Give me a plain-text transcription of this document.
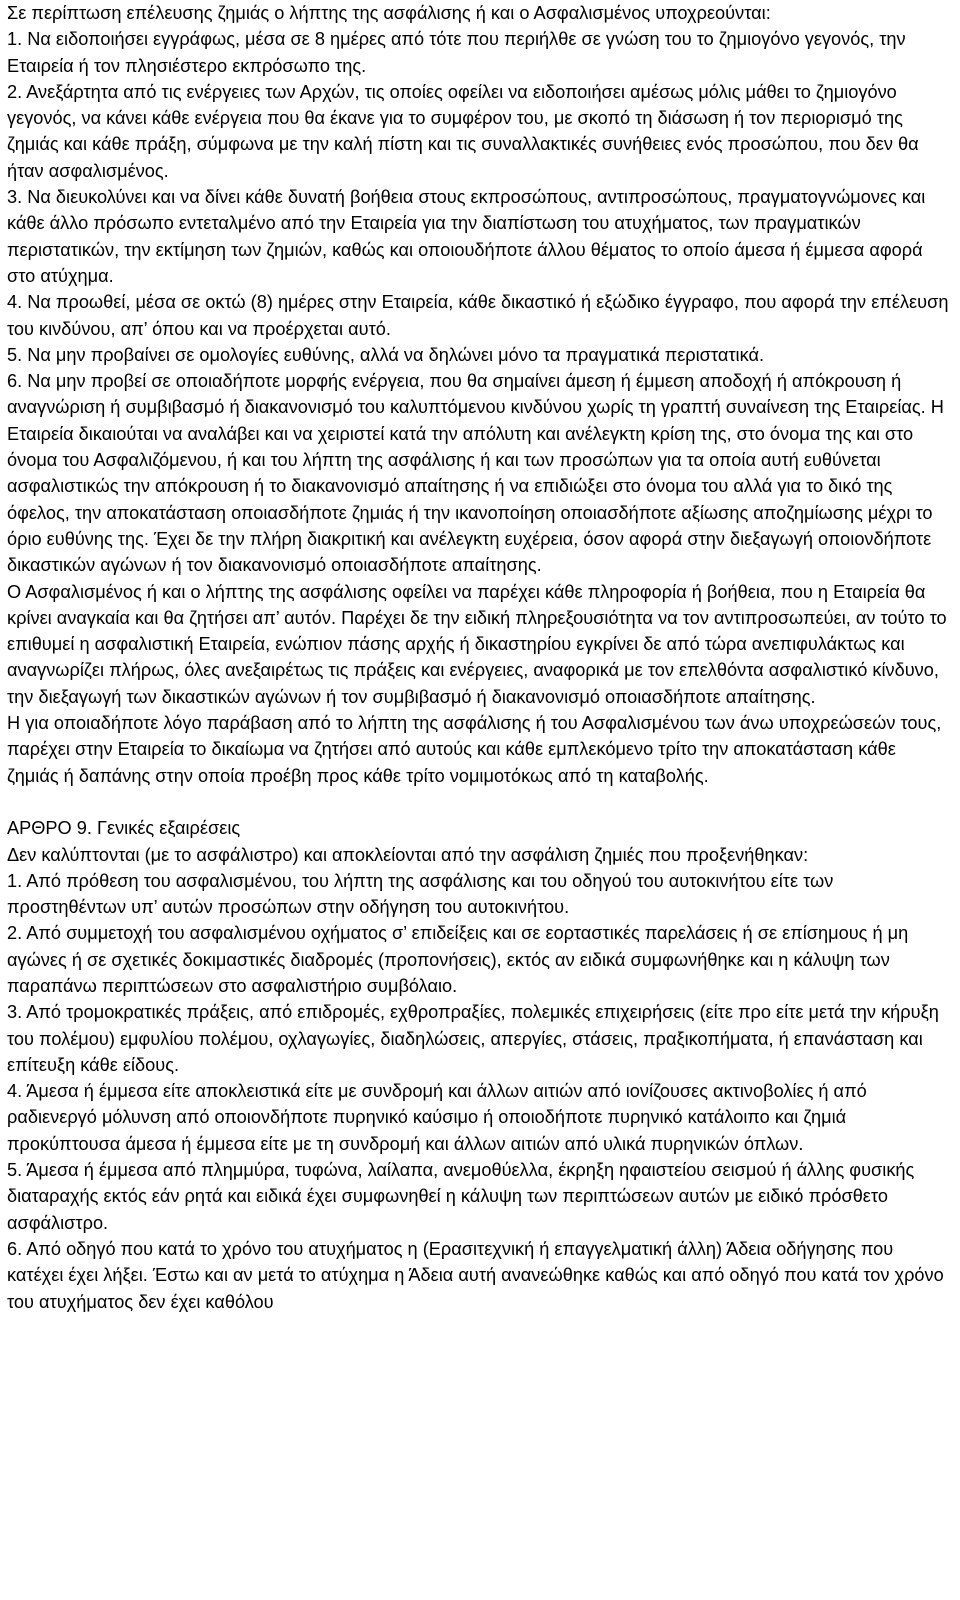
Σε περίπτωση επέλευσης ζημιάς ο λήπτης της ασφάλισης ή και ο Ασφαλισμένος υποχρεούνται:

1. Να ειδοποιήσει εγγράφως, μέσα σε 8 ημέρες από τότε που περιήλθε σε γνώση του το ζημιογόνο γεγονός, την Εταιρεία ή τον πλησιέστερο εκπρόσωπο της.

2. Ανεξάρτητα από τις ενέργειες των Αρχών, τις οποίες οφείλει να ειδοποιήσει αμέσως μόλις μάθει το ζημιογόνο γεγονός, να κάνει κάθε ενέργεια που θα έκανε για το συμφέρον του, με σκοπό τη διάσωση ή τον περιορισμό της ζημιάς και κάθε πράξη, σύμφωνα με την καλή πίστη και τις συναλλακτικές συνήθειες ενός προσώπου, που δεν θα ήταν ασφαλισμένος.

3. Να διευκολύνει και να δίνει κάθε δυνατή βοήθεια στους εκπροσώπους, αντιπροσώπους, πραγματογνώμονες και κάθε άλλο πρόσωπο εντεταλμένο από την Εταιρεία για την διαπίστωση του ατυχήματος, των πραγματικών περιστατικών, την εκτίμηση των ζημιών, καθώς και οποιουδήποτε άλλου θέματος το οποίο άμεσα ή έμμεσα αφορά στο ατύχημα.

4. Να προωθεί, μέσα σε οκτώ (8) ημέρες στην Εταιρεία, κάθε δικαστικό ή εξώδικο έγγραφο, που αφορά την επέλευση του κινδύνου, απ’ όπου και να προέρχεται αυτό.

5. Να μην προβαίνει σε ομολογίες ευθύνης, αλλά να δηλώνει μόνο τα πραγματικά περιστατικά.

6. Να μην προβεί σε οποιαδήποτε μορφής ενέργεια, που θα σημαίνει άμεση ή έμμεση αποδοχή ή απόκρουση ή αναγνώριση ή συμβιβασμό ή διακανονισμό του καλυπτόμενου κινδύνου χωρίς τη γραπτή συναίνεση της Εταιρείας. Η Εταιρεία δικαιούται να αναλάβει και να χειριστεί κατά την απόλυτη και ανέλεγκτη κρίση της, στο όνομα της και στο όνομα του Ασφαλιζόμενου, ή και του λήπτη της ασφάλισης ή και των προσώπων για τα οποία αυτή ευθύνεται ασφαλιστικώς την απόκρουση ή το διακανονισμό απαίτησης ή να επιδιώξει στο όνομα του αλλά για το δικό της όφελος, την αποκατάσταση οποιασδήποτε ζημιάς ή την ικανοποίηση οποιασδήποτε αξίωσης αποζημίωσης μέχρι το όριο ευθύνης της. Έχει δε την πλήρη διακριτική και ανέλεγκτη ευχέρεια, όσον αφορά στην διεξαγωγή οποιονδήποτε δικαστικών αγώνων ή τον διακανονισμό οποιασδήποτε απαίτησης.

Ο Ασφαλισμένος ή και ο λήπτης της ασφάλισης οφείλει να παρέχει κάθε πληροφορία ή βοήθεια, που η Εταιρεία θα κρίνει αναγκαία και θα ζητήσει απ’ αυτόν. Παρέχει δε την ειδική πληρεξουσιότητα να τον αντιπροσωπεύει, αν τούτο το επιθυμεί η ασφαλιστική Εταιρεία, ενώπιον πάσης αρχής ή δικαστηρίου εγκρίνει δε από τώρα ανεπιφυλάκτως και αναγνωρίζει πλήρως, όλες ανεξαιρέτως τις πράξεις και ενέργειες, αναφορικά με τον επελθόντα ασφαλιστικό κίνδυνο, την διεξαγωγή των δικαστικών αγώνων ή τον συμβιβασμό ή διακανονισμό οποιασδήποτε απαίτησης.

Η για οποιαδήποτε λόγο παράβαση από το λήπτη της ασφάλισης ή του Ασφαλισμένου των άνω υποχρεώσεών τους, παρέχει στην Εταιρεία το δικαίωμα να ζητήσει από αυτούς και κάθε εμπλεκόμενο τρίτο την αποκατάσταση κάθε ζημιάς ή δαπάνης στην οποία προέβη προς κάθε τρίτο νομιμοτόκως από τη καταβολής.

ΑΡΘΡΟ 9. Γενικές εξαιρέσεις

Δεν καλύπτονται (με το ασφάλιστρο) και αποκλείονται από την ασφάλιση ζημιές που προξενήθηκαν:

1. Από πρόθεση του ασφαλισμένου, του λήπτη της ασφάλισης και του οδηγού του αυτοκινήτου είτε των προστηθέντων υπ’ αυτών προσώπων στην οδήγηση του αυτοκινήτου.

2. Από συμμετοχή του ασφαλισμένου οχήματος σ’ επιδείξεις και σε εορταστικές παρελάσεις ή σε επίσημους ή μη αγώνες ή σε σχετικές δοκιμαστικές διαδρομές (προπονήσεις), εκτός αν ειδικά συμφωνήθηκε και η κάλυψη των παραπάνω περιπτώσεων στο ασφαλιστήριο συμβόλαιο.

3. Από τρομοκρατικές πράξεις, από επιδρομές, εχθροπραξίες, πολεμικές επιχειρήσεις (είτε προ είτε μετά την κήρυξη του πολέμου) εμφυλίου πολέμου, οχλαγωγίες, διαδηλώσεις, απεργίες, στάσεις, πραξικοπήματα, ή επανάσταση και επίτευξη κάθε είδους.

4. Άμεσα ή έμμεσα είτε αποκλειστικά είτε με συνδρομή και άλλων αιτιών από ιονίζουσες ακτινοβολίες ή από ραδιενεργό μόλυνση από οποιονδήποτε πυρηνικό καύσιμο ή οποιοδήποτε πυρηνικό κατάλοιπο και ζημιά προκύπτουσα άμεσα ή έμμεσα είτε με τη συνδρομή και άλλων αιτιών από υλικά πυρηνικών όπλων.

5. Άμεσα ή έμμεσα από πλημμύρα, τυφώνα, λαίλαπα, ανεμοθύελλα, έκρηξη ηφαιστείου σεισμού ή άλλης φυσικής διαταραχής εκτός εάν ρητά και ειδικά έχει συμφωνηθεί η κάλυψη των περιπτώσεων αυτών με ειδικό πρόσθετο ασφάλιστρο.

6. Από οδηγό που κατά το χρόνο του ατυχήματος η (Ερασιτεχνική ή επαγγελματική άλλη) Άδεια οδήγησης που κατέχει έχει λήξει. Έστω και αν μετά το ατύχημα η Άδεια αυτή ανανεώθηκε καθώς και από οδηγό που κατά τον χρόνο του ατυχήματος δεν έχει καθόλου
